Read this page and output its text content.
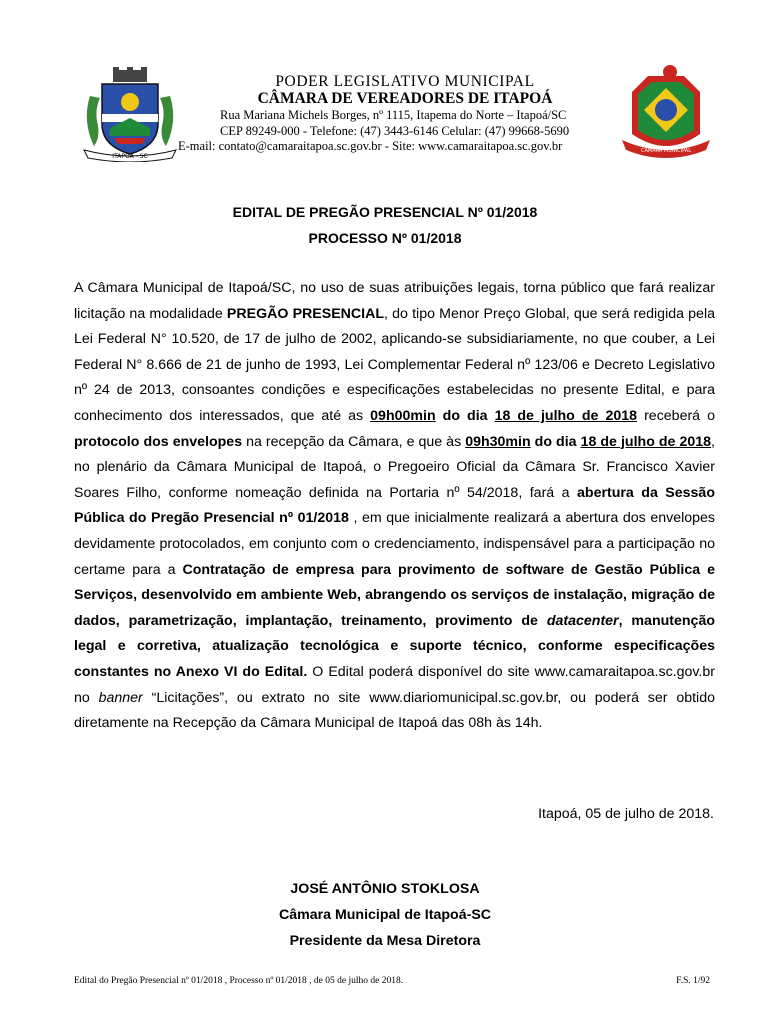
ITAPOÁ - SC
PODER LEGISLATIVO MUNICIPAL
CÂMARA DE VEREADORES DE ITAPOÁ
Rua Mariana Michels Borges, nº 1115, Itapema do Norte – Itapoá/SC
CEP 89249-000 - Telefone: (47) 3443-6146 Celular: (47) 99668-5690
E-mail: contato@camaraitapoa.sc.gov.br - Site: www.camaraitapoa.sc.gov.br	CÂMARA MUNICIPAL
EDITAL DE PREGÃO PRESENCIAL Nº 01/2018
PROCESSO Nº 01/2018
A Câmara Municipal de Itapoá/SC, no uso de suas atribuições legais, torna público que fará realizar licitação na modalidade PREGÃO PRESENCIAL, do tipo Menor Preço Global, que será redigida pela Lei Federal N° 10.520, de 17 de julho de 2002, aplicando-se subsidiariamente, no que couber, a Lei Federal N° 8.666 de 21 de junho de 1993, Lei Complementar Federal nº 123/06 e Decreto Legislativo nº 24 de 2013, consoantes condições e especificações estabelecidas no presente Edital, e para conhecimento dos interessados, que até as 09h00min do dia 18 de julho de 2018 receberá o protocolo dos envelopes na recepção da Câmara, e que às 09h30min do dia 18 de julho de 2018, no plenário da Câmara Municipal de Itapoá, o Pregoeiro Oficial da Câmara Sr. Francisco Xavier Soares Filho, conforme nomeação definida na Portaria nº 54/2018, fará a abertura da Sessão Pública do Pregão Presencial nº 01/2018 , em que inicialmente realizará a abertura dos envelopes devidamente protocolados, em conjunto com o credenciamento, indispensável para a participação no certame para a Contratação de empresa para provimento de software de Gestão Pública e Serviços, desenvolvido em ambiente Web, abrangendo os serviços de instalação, migração de dados, parametrização, implantação, treinamento, provimento de datacenter, manutenção legal e corretiva, atualização tecnológica e suporte técnico, conforme especificações constantes no Anexo VI do Edital. O Edital poderá disponível do site www.camaraitapoa.sc.gov.br no banner “Licitações”, ou extrato no site www.diariomunicipal.sc.gov.br, ou poderá ser obtido diretamente na Recepção da Câmara Municipal de Itapoá das 08h às 14h.
Itapoá, 05 de julho de 2018.
JOSÉ ANTÔNIO STOKLOSA
Câmara Municipal de Itapoá-SC
Presidente da Mesa Diretora
Edital do Pregão Presencial nº 01/2018 , Processo nº 01/2018 , de 05 de julho de 2018.	F.S. 1/92
